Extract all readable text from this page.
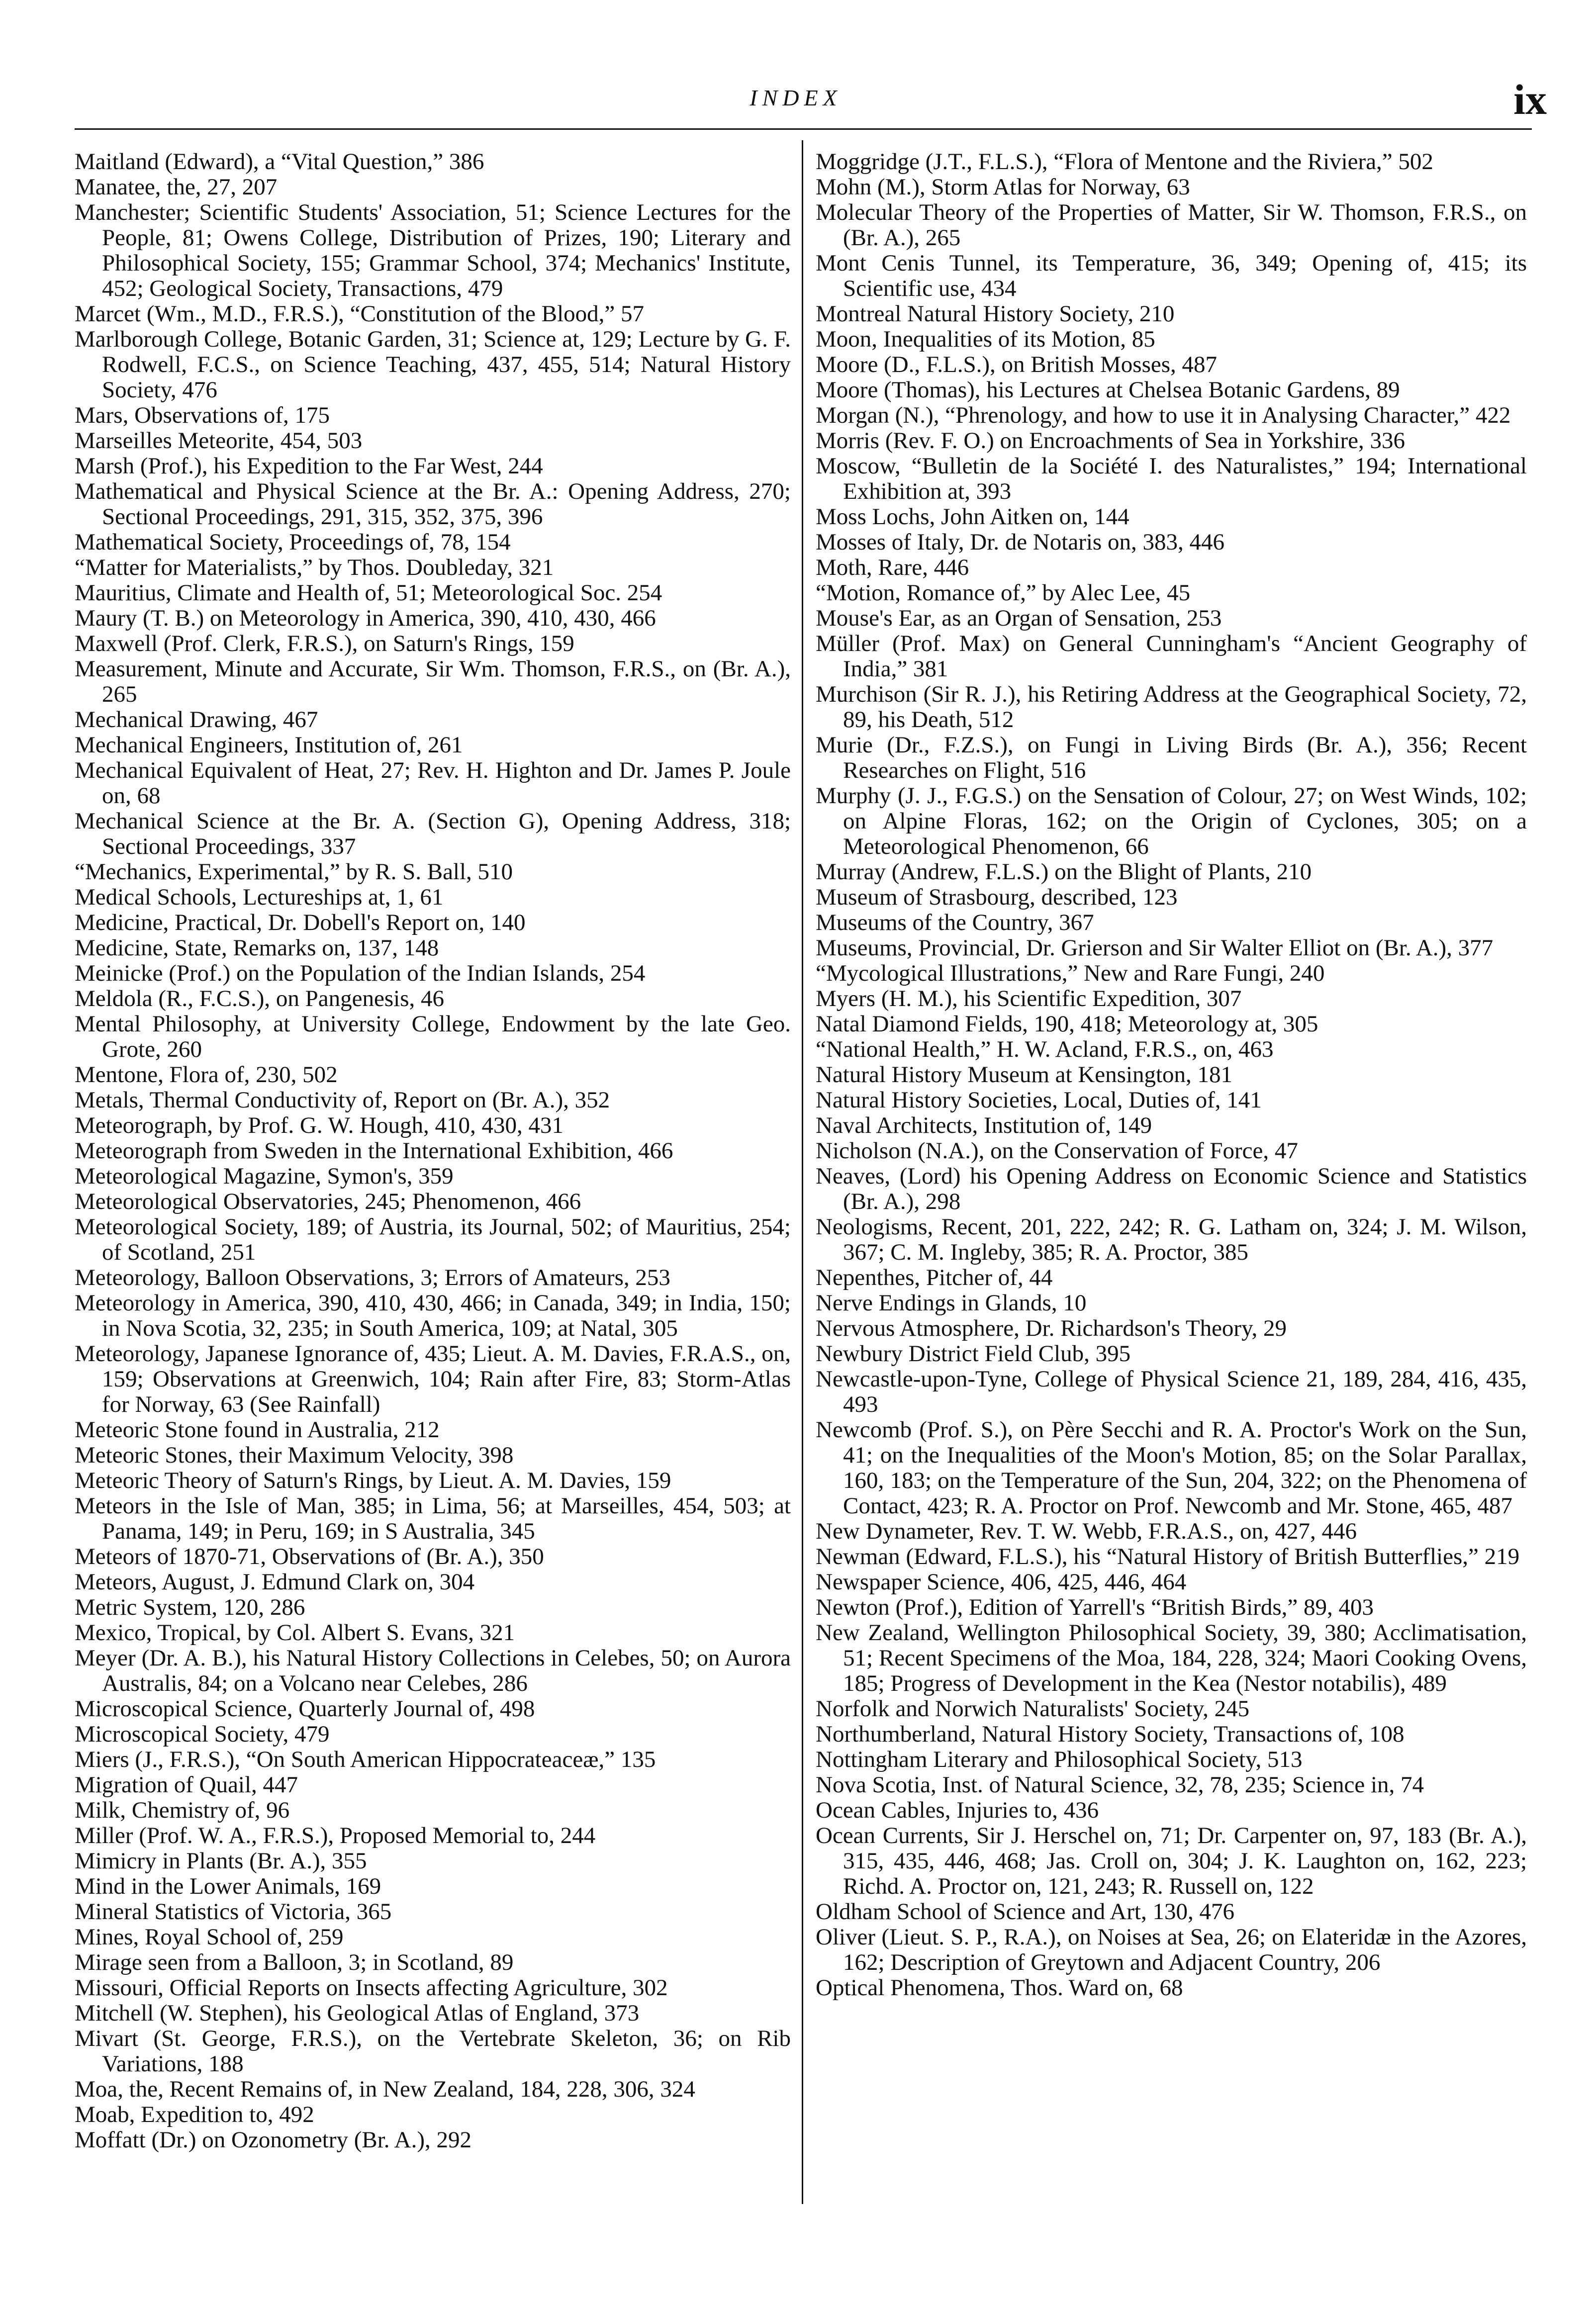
INDEX	ix

Maitland (Edward), a “Vital Question,” 386

Manatee, the, 27, 207

Manchester; Scientific Students' Association, 51; Science Lectures for the People, 81; Owens College, Distribution of Prizes, 190; Literary and Philosophical Society, 155; Grammar School, 374; Mechanics' Institute, 452; Geological Society, Transactions, 479

Marcet (Wm., M.D., F.R.S.), “Constitution of the Blood,” 57

Marlborough College, Botanic Garden, 31; Science at, 129; Lecture by G. F. Rodwell, F.C.S., on Science Teaching, 437, 455, 514; Natural History Society, 476

Mars, Observations of, 175

Marseilles Meteorite, 454, 503

Marsh (Prof.), his Expedition to the Far West, 244

Mathematical and Physical Science at the Br. A.: Opening Address, 270; Sectional Proceedings, 291, 315, 352, 375, 396

Mathematical Society, Proceedings of, 78, 154

“Matter for Materialists,” by Thos. Doubleday, 321

Mauritius, Climate and Health of, 51; Meteorological Soc. 254

Maury (T. B.) on Meteorology in America, 390, 410, 430, 466

Maxwell (Prof. Clerk, F.R.S.), on Saturn's Rings, 159

Measurement, Minute and Accurate, Sir Wm. Thomson, F.R.S., on (Br. A.), 265

Mechanical Drawing, 467

Mechanical Engineers, Institution of, 261

Mechanical Equivalent of Heat, 27; Rev. H. Highton and Dr. James P. Joule on, 68

Mechanical Science at the Br. A. (Section G), Opening Address, 318; Sectional Proceedings, 337

“Mechanics, Experimental,” by R. S. Ball, 510

Medical Schools, Lectureships at, 1, 61

Medicine, Practical, Dr. Dobell's Report on, 140

Medicine, State, Remarks on, 137, 148

Meinicke (Prof.) on the Population of the Indian Islands, 254

Meldola (R., F.C.S.), on Pangenesis, 46

Mental Philosophy, at University College, Endowment by the late Geo. Grote, 260

Mentone, Flora of, 230, 502

Metals, Thermal Conductivity of, Report on (Br. A.), 352

Meteorograph, by Prof. G. W. Hough, 410, 430, 431

Meteorograph from Sweden in the International Exhibition, 466

Meteorological Magazine, Symon's, 359

Meteorological Observatories, 245; Phenomenon, 466

Meteorological Society, 189; of Austria, its Journal, 502; of Mauritius, 254; of Scotland, 251

Meteorology, Balloon Observations, 3; Errors of Amateurs, 253

Meteorology in America, 390, 410, 430, 466; in Canada, 349; in India, 150; in Nova Scotia, 32, 235; in South America, 109; at Natal, 305

Meteorology, Japanese Ignorance of, 435; Lieut. A. M. Davies, F.R.A.S., on, 159; Observations at Greenwich, 104; Rain after Fire, 83; Storm-Atlas for Norway, 63 (See Rainfall)

Meteoric Stone found in Australia, 212

Meteoric Stones, their Maximum Velocity, 398

Meteoric Theory of Saturn's Rings, by Lieut. A. M. Davies, 159

Meteors in the Isle of Man, 385; in Lima, 56; at Marseilles, 454, 503; at Panama, 149; in Peru, 169; in S Australia, 345

Meteors of 1870-71, Observations of (Br. A.), 350

Meteors, August, J. Edmund Clark on, 304

Metric System, 120, 286

Mexico, Tropical, by Col. Albert S. Evans, 321

Meyer (Dr. A. B.), his Natural History Collections in Celebes, 50; on Aurora Australis, 84; on a Volcano near Celebes, 286

Microscopical Science, Quarterly Journal of, 498

Microscopical Society, 479

Miers (J., F.R.S.), “On South American Hippocrateaceæ,” 135

Migration of Quail, 447

Milk, Chemistry of, 96

Miller (Prof. W. A., F.R.S.), Proposed Memorial to, 244

Mimicry in Plants (Br. A.), 355

Mind in the Lower Animals, 169

Mineral Statistics of Victoria, 365

Mines, Royal School of, 259

Mirage seen from a Balloon, 3; in Scotland, 89

Missouri, Official Reports on Insects affecting Agriculture, 302

Mitchell (W. Stephen), his Geological Atlas of England, 373

Mivart (St. George, F.R.S.), on the Vertebrate Skeleton, 36; on Rib Variations, 188

Moa, the, Recent Remains of, in New Zealand, 184, 228, 306, 324

Moab, Expedition to, 492

Moffatt (Dr.) on Ozonometry (Br. A.), 292

Moggridge (J.T., F.L.S.), “Flora of Mentone and the Riviera,” 502

Mohn (M.), Storm Atlas for Norway, 63

Molecular Theory of the Properties of Matter, Sir W. Thomson, F.R.S., on (Br. A.), 265

Mont Cenis Tunnel, its Temperature, 36, 349; Opening of, 415; its Scientific use, 434

Montreal Natural History Society, 210

Moon, Inequalities of its Motion, 85

Moore (D., F.L.S.), on British Mosses, 487

Moore (Thomas), his Lectures at Chelsea Botanic Gardens, 89

Morgan (N.), “Phrenology, and how to use it in Analysing Character,” 422

Morris (Rev. F. O.) on Encroachments of Sea in Yorkshire, 336

Moscow, “Bulletin de la Société I. des Naturalistes,” 194; International Exhibition at, 393

Moss Lochs, John Aitken on, 144

Mosses of Italy, Dr. de Notaris on, 383, 446

Moth, Rare, 446

“Motion, Romance of,” by Alec Lee, 45

Mouse's Ear, as an Organ of Sensation, 253

Müller (Prof. Max) on General Cunningham's “Ancient Geography of India,” 381

Murchison (Sir R. J.), his Retiring Address at the Geographical Society, 72, 89, his Death, 512

Murie (Dr., F.Z.S.), on Fungi in Living Birds (Br. A.), 356; Recent Researches on Flight, 516

Murphy (J. J., F.G.S.) on the Sensation of Colour, 27; on West Winds, 102; on Alpine Floras, 162; on the Origin of Cyclones, 305; on a Meteorological Phenomenon, 66

Murray (Andrew, F.L.S.) on the Blight of Plants, 210

Museum of Strasbourg, described, 123

Museums of the Country, 367

Museums, Provincial, Dr. Grierson and Sir Walter Elliot on (Br. A.), 377

“Mycological Illustrations,” New and Rare Fungi, 240

Myers (H. M.), his Scientific Expedition, 307

Natal Diamond Fields, 190, 418; Meteorology at, 305

“National Health,” H. W. Acland, F.R.S., on, 463

Natural History Museum at Kensington, 181

Natural History Societies, Local, Duties of, 141

Naval Architects, Institution of, 149

Nicholson (N.A.), on the Conservation of Force, 47

Neaves, (Lord) his Opening Address on Economic Science and Statistics (Br. A.), 298

Neologisms, Recent, 201, 222, 242; R. G. Latham on, 324; J. M. Wilson, 367; C. M. Ingleby, 385; R. A. Proctor, 385

Nepenthes, Pitcher of, 44

Nerve Endings in Glands, 10

Nervous Atmosphere, Dr. Richardson's Theory, 29

Newbury District Field Club, 395

Newcastle-upon-Tyne, College of Physical Science 21, 189, 284, 416, 435, 493

Newcomb (Prof. S.), on Père Secchi and R. A. Proctor's Work on the Sun, 41; on the Inequalities of the Moon's Motion, 85; on the Solar Parallax, 160, 183; on the Temperature of the Sun, 204, 322; on the Phenomena of Contact, 423; R. A. Proctor on Prof. Newcomb and Mr. Stone, 465, 487

New Dynameter, Rev. T. W. Webb, F.R.A.S., on, 427, 446

Newman (Edward, F.L.S.), his “Natural History of British Butterflies,” 219

Newspaper Science, 406, 425, 446, 464

Newton (Prof.), Edition of Yarrell's “British Birds,” 89, 403

New Zealand, Wellington Philosophical Society, 39, 380; Acclimatisation, 51; Recent Specimens of the Moa, 184, 228, 324; Maori Cooking Ovens, 185; Progress of Development in the Kea (Nestor notabilis), 489

Norfolk and Norwich Naturalists' Society, 245

Northumberland, Natural History Society, Transactions of, 108

Nottingham Literary and Philosophical Society, 513

Nova Scotia, Inst. of Natural Science, 32, 78, 235; Science in, 74

Ocean Cables, Injuries to, 436

Ocean Currents, Sir J. Herschel on, 71; Dr. Carpenter on, 97, 183 (Br. A.), 315, 435, 446, 468; Jas. Croll on, 304; J. K. Laughton on, 162, 223; Richd. A. Proctor on, 121, 243; R. Russell on, 122

Oldham School of Science and Art, 130, 476

Oliver (Lieut. S. P., R.A.), on Noises at Sea, 26; on Elateridæ in the Azores, 162; Description of Greytown and Adjacent Country, 206

Optical Phenomena, Thos. Ward on, 68
